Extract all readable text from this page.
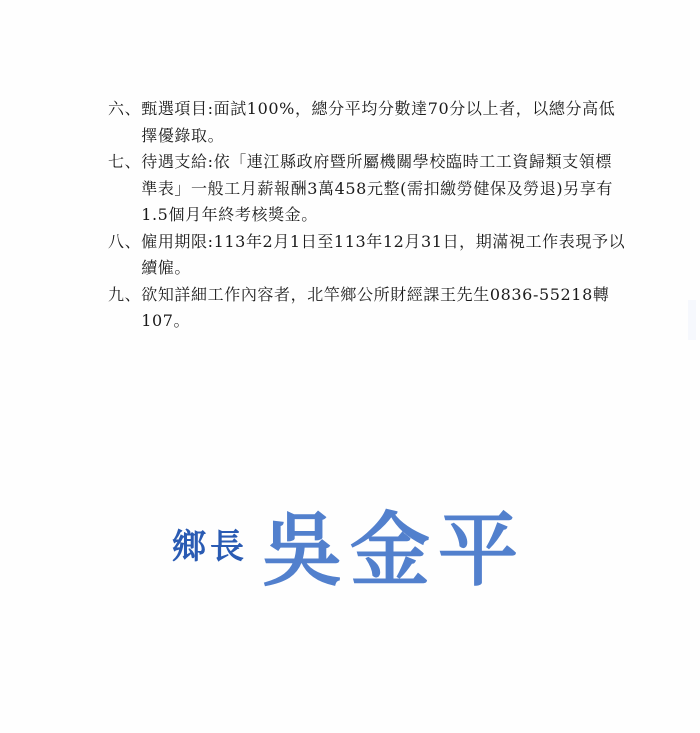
六 、 甄選項目:面試100%，總分平均分數達70分以上者，以總分高低擇優錄取。
七 、 待遇支給:依「連江縣政府暨所屬機關學校臨時工工資歸類支領標準表」一般工月薪報酬3萬458元整(需扣繳勞健保及勞退)另享有1.5個月年終考核獎金。
八 、 僱用期限:113年2月1日至113年12月31日，期滿視工作表現予以續僱。
九 、 欲知詳細工作內容者，北竿鄉公所財經課王先生0836-55218轉107。
鄉長 吳金平
